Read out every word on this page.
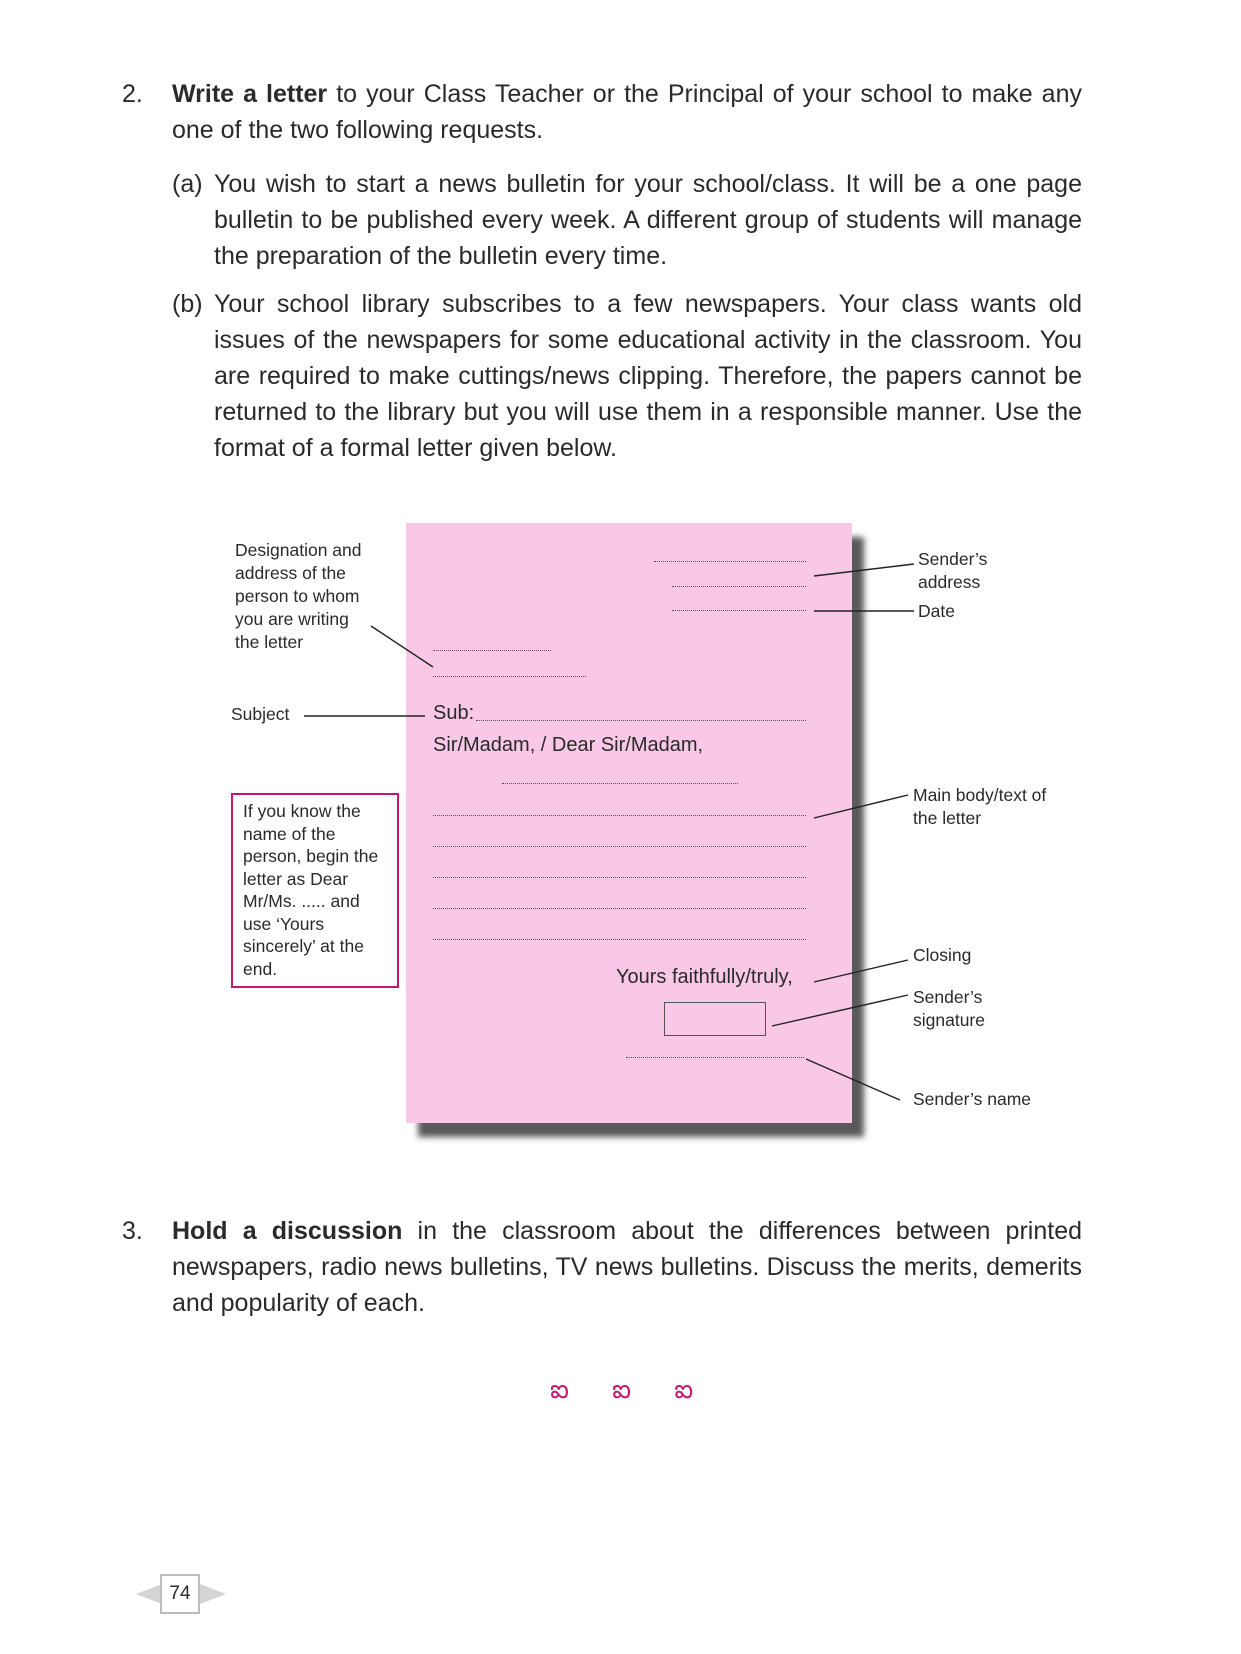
2. Write a letter to your Class Teacher or the Principal of your school to make any one of the two following requests.
(a) You wish to start a news bulletin for your school/class. It will be a one page bulletin to be published every week. A different group of students will manage the preparation of the bulletin every time.
(b) Your school library subscribes to a few newspapers. Your class wants old issues of the newspapers for some educational activity in the classroom. You are required to make cuttings/news clipping. Therefore, the papers cannot be returned to the library but you will use them in a responsible manner. Use the format of a formal letter given below.
Sub:
Sir/Madam, / Dear Sir/Madam,
Yours faithfully/truly,
Designation and address of the person to whom you are writing the letter
Subject
If you know the name of the person, begin the letter as Dear Mr/Ms. ..... and use ‘Yours sincerely’ at the end.
Sender’s address
Date
Main body/text of the letter
Closing
Sender’s signature
Sender’s name
3. Hold a discussion in the classroom about the differences between printed newspapers, radio news bulletins, TV news bulletins. Discuss the merits, demerits and popularity of each.
ఐ ఐ ఐ
74
